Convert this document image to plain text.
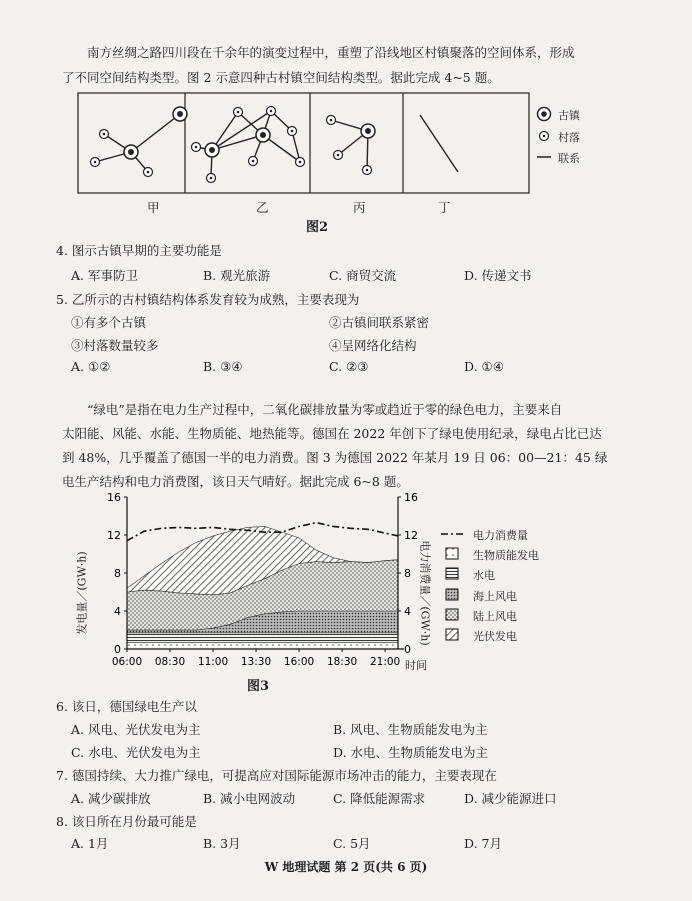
南方丝绸之路四川段在千余年的演变过程中，重塑了沿线地区村镇聚落的空间体系，形成
了不同空间结构类型。图 2 示意四种古村镇空间结构类型。据此完成 4~5 题。
古镇
村落
联系
甲	乙	丙	丁
图2
4. 图示古镇早期的主要功能是
A. 军事防卫	B. 观光旅游	C. 商贸交流	D. 传递文书
5. 乙所示的古村镇结构体系发育较为成熟，主要表现为
①有多个古镇	②古镇间联系紧密
③村落数量较多	④呈网络化结构
A. ①②	B. ③④	C. ②③	D. ①④
“绿电”是指在电力生产过程中，二氧化碳排放量为零或趋近于零的绿色电力，主要来自
太阳能、风能、水能、生物质能、地热能等。德国在 2022 年创下了绿电使用纪录，绿电占比已达
到 48%，几乎覆盖了德国一半的电力消费。图 3 为德国 2022 年某月 19 日 06：00—21：45 绿
电生产结构和电力消费图，该日天气晴好。据此完成 6~8 题。
0	0
4	4
8	8
12	12
16	16
06:00 08:30 11:00 13:30 16:00 18:30 21:00
发电量／(GW·h)	电力消费量／(GW·h)
时间
电力消费量
生物质能发电
水电
海上风电
陆上风电
光伏发电
图3
6. 该日，德国绿电生产以
A. 风电、光伏发电为主	B. 风电、生物质能发电为主
C. 水电、光伏发电为主	D. 水电、生物质能发电为主
7. 德国持续、大力推广绿电，可提高应对国际能源市场冲击的能力，主要表现在
A. 减少碳排放	B. 减小电网波动	C. 降低能源需求	D. 减少能源进口
8. 该日所在月份最可能是
A. 1月	B. 3月	C. 5月	D. 7月
W 地理试题 第 2 页(共 6 页)
